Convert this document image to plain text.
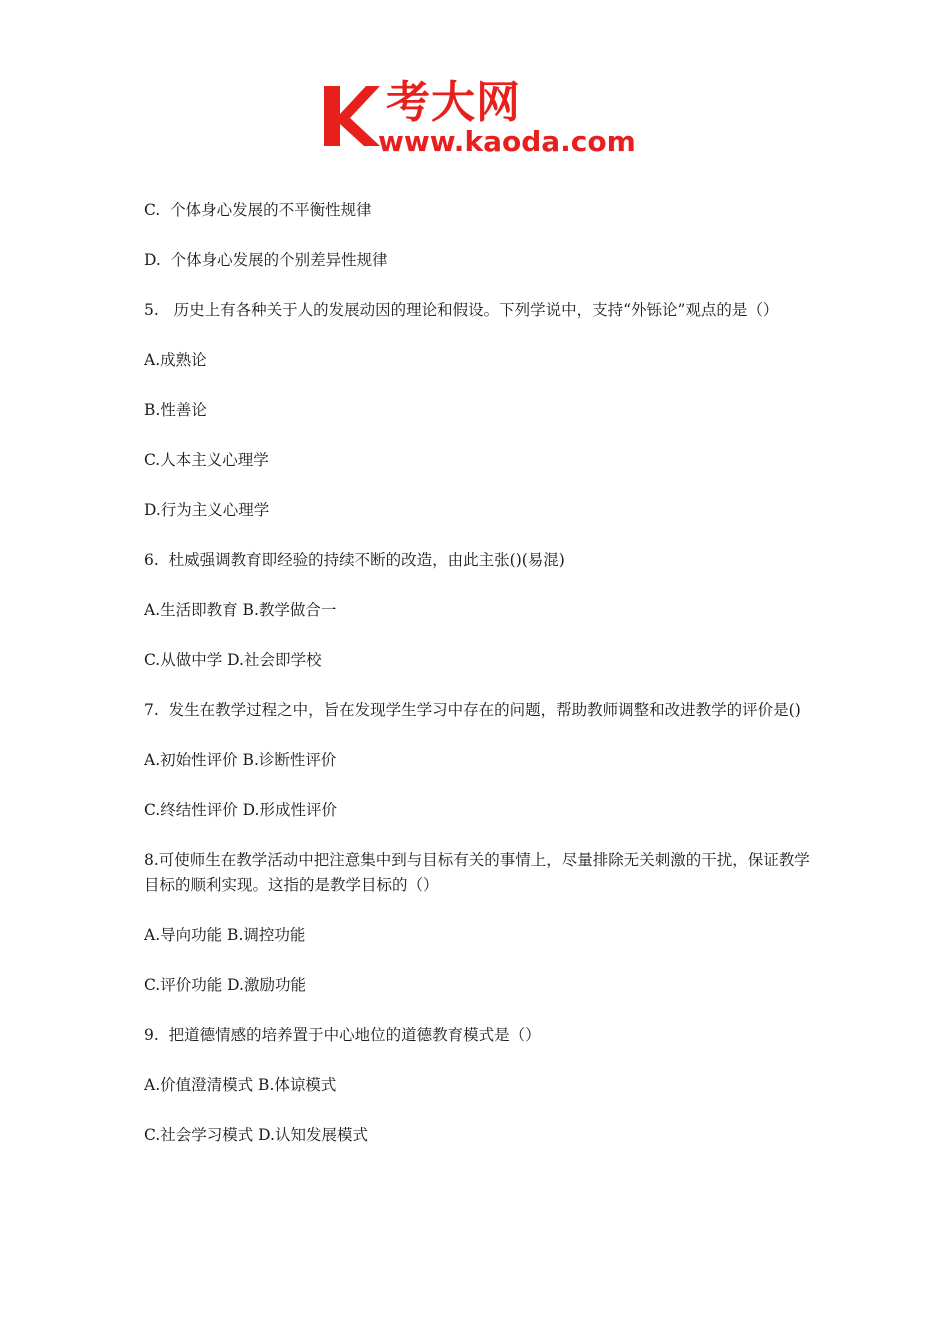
考大网
www.kaoda.com

C.  个体身心发展的不平衡性规律

D.  个体身心发展的个别差异性规律

5.   历史上有各种关于人的发展动因的理论和假设。下列学说中，支持“外铄论”观点的是（）

A.成熟论

B.性善论

C.人本主义心理学

D.行为主义心理学

6.  杜威强调教育即经验的持续不断的改造，由此主张()(易混)

A.生活即教育 B.教学做合一

C.从做中学 D.社会即学校

7.  发生在教学过程之中，旨在发现学生学习中存在的问题，帮助教师调整和改进教学的评价是()

A.初始性评价 B.诊断性评价

C.终结性评价 D.形成性评价

8.可使师生在教学活动中把注意集中到与目标有关的事情上，尽量排除无关刺激的干扰，保证教学目标的顺利实现。这指的是教学目标的（）

A.导向功能 B.调控功能

C.评价功能 D.激励功能

9.  把道德情感的培养置于中心地位的道德教育模式是（）

A.价值澄清模式 B.体谅模式

C.社会学习模式 D.认知发展模式
